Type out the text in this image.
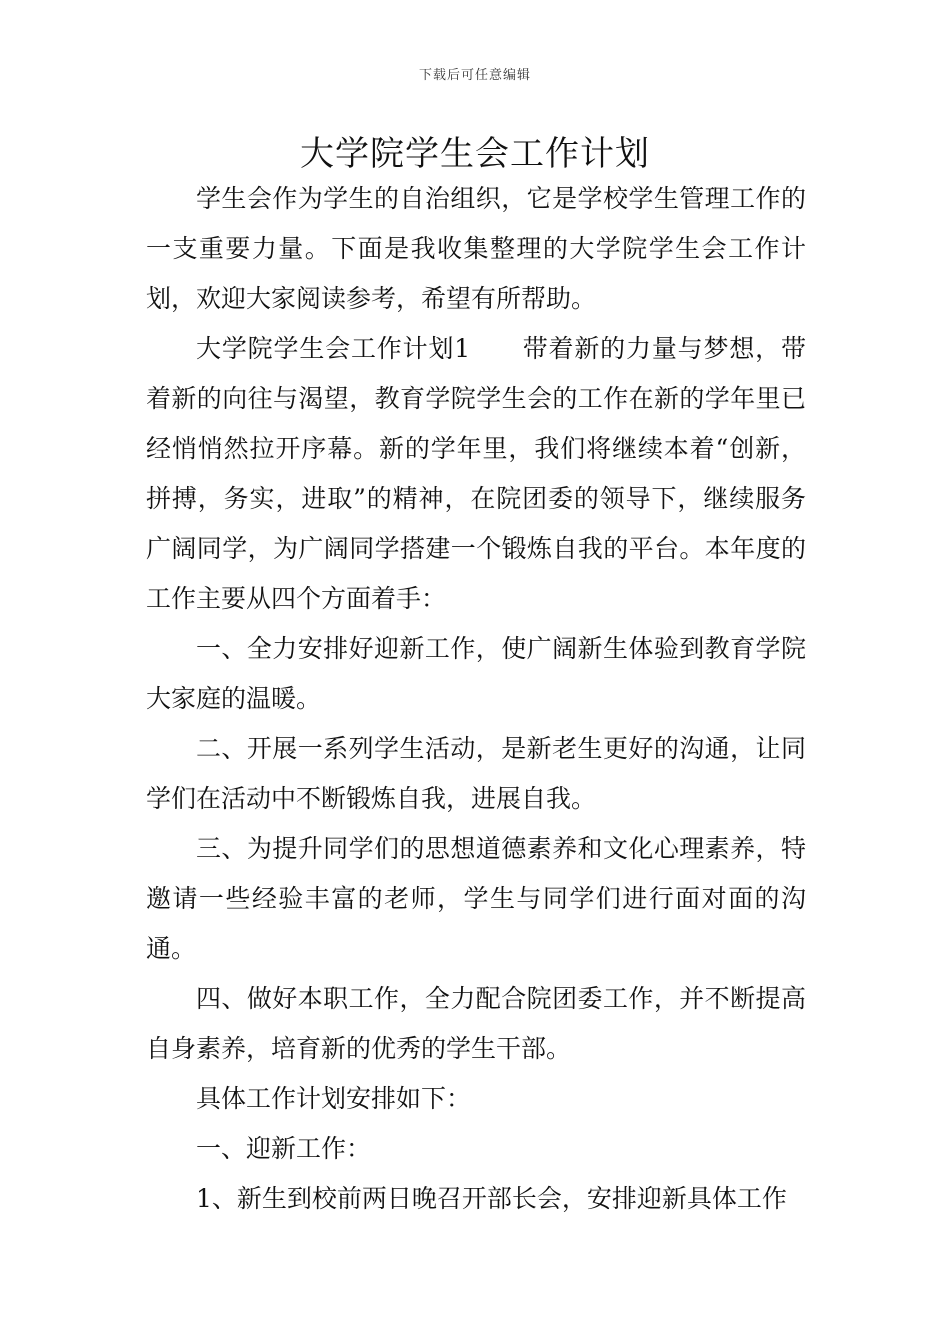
下载后可任意编辑
大学院学生会工作计划

学生会作为学生的自治组织，它是学校学生管理工作的一支重要力量。下面是我收集整理的大学院学生会工作计划，欢迎大家阅读参考，希望有所帮助。

大学院学生会工作计划1　　带着新的力量与梦想，带着新的向往与渴望，教育学院学生会的工作在新的学年里已经悄悄然拉开序幕。新的学年里，我们将继续本着“创新，拼搏，务实，进取”的精神，在院团委的领导下，继续服务广阔同学，为广阔同学搭建一个锻炼自我的平台。本年度的工作主要从四个方面着手：

一、全力安排好迎新工作，使广阔新生体验到教育学院大家庭的温暖。

二、开展一系列学生活动，是新老生更好的沟通，让同学们在活动中不断锻炼自我，进展自我。

三、为提升同学们的思想道德素养和文化心理素养，特邀请一些经验丰富的老师，学生与同学们进行面对面的沟通。

四、做好本职工作，全力配合院团委工作，并不断提高自身素养，培育新的优秀的学生干部。

具体工作计划安排如下：

一、迎新工作：

1、新生到校前两日晚召开部长会，安排迎新具体工作
